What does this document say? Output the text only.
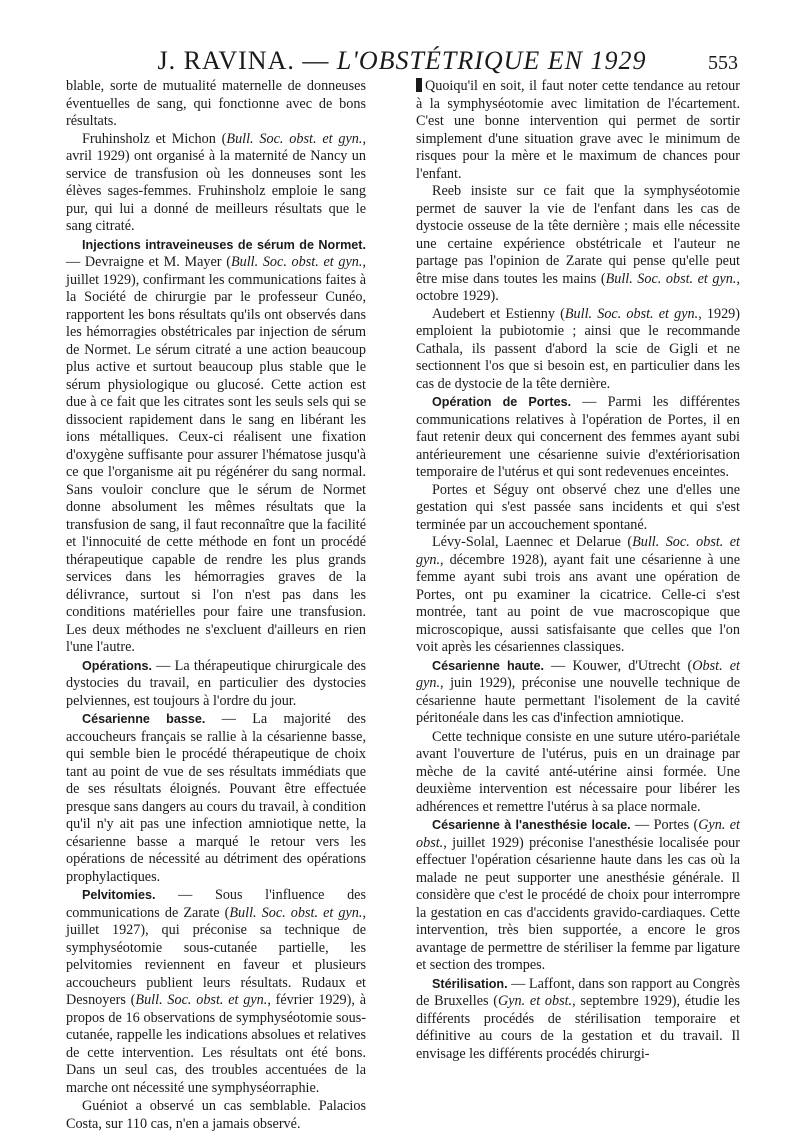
J. RAVINA. — L'OBSTÉTRIQUE EN 1929	553

blable, sorte de mutualité maternelle de donneuses éventuelles de sang, qui fonctionne avec de bons résultats.

Fruhinsholz et Michon (Bull. Soc. obst. et gyn., avril 1929) ont organisé à la maternité de Nancy un service de transfusion où les donneuses sont les élèves sages-femmes. Fruhinsholz emploie le sang pur, qui lui a donné de meilleurs résultats que le sang citraté.

Injections intraveineuses de sérum de Normet. — Devraigne et M. Mayer (Bull. Soc. obst. et gyn., juillet 1929), confirmant les communications faites à la Société de chirurgie par le professeur Cunéo, rapportent les bons résultats qu'ils ont observés dans les hémorragies obstétricales par injection de sérum de Normet. Le sérum citraté a une action beaucoup plus active et surtout beaucoup plus stable que le sérum physiologique ou glucosé. Cette action est due à ce fait que les citrates sont les seuls sels qui se dissocient rapidement dans le sang en libérant les ions métalliques. Ceux-ci réalisent une fixation d'oxygène suffisante pour assurer l'hématose jusqu'à ce que l'organisme ait pu régénérer du sang normal. Sans vouloir conclure que le sérum de Normet donne absolument les mêmes résultats que la transfusion de sang, il faut reconnaître que la facilité et l'innocuité de cette méthode en font un procédé thérapeutique capable de rendre les plus grands services dans les hémorragies graves de la délivrance, surtout si l'on n'est pas dans les conditions matérielles pour faire une transfusion. Les deux méthodes ne s'excluent d'ailleurs en rien l'une l'autre.

Opérations. — La thérapeutique chirurgicale des dystocies du travail, en particulier des dystocies pelviennes, est toujours à l'ordre du jour.

Césarienne basse. — La majorité des accoucheurs français se rallie à la césarienne basse, qui semble bien le procédé thérapeutique de choix tant au point de vue de ses résultats immédiats que de ses résultats éloignés. Pouvant être effectuée presque sans dangers au cours du travail, à condition qu'il n'y ait pas une infection amniotique nette, la césarienne basse a marqué le retour vers les opérations de nécessité au détriment des opérations prophylactiques.

Pelvitomies. — Sous l'influence des communications de Zarate (Bull. Soc. obst. et gyn., juillet 1927), qui préconise sa technique de symphyséotomie sous-cutanée partielle, les pelvitomies reviennent en faveur et plusieurs accoucheurs publient leurs résultats. Rudaux et Desnoyers (Bull. Soc. obst. et gyn., février 1929), à propos de 16 observations de symphyséotomie sous-cutanée, rappelle les indications absolues et relatives de cette intervention. Les résultats ont été bons. Dans un seul cas, des troubles accentuées de la marche ont nécessité une symphyséorraphie.

Guéniot a observé un cas semblable. Palacios Costa, sur 110 cas, n'en a jamais observé.

Quoiqu'il en soit, il faut noter cette tendance au retour à la symphyséotomie avec limitation de l'écartement. C'est une bonne intervention qui permet de sortir simplement d'une situation grave avec le minimum de risques pour la mère et le maximum de chances pour l'enfant.

Reeb insiste sur ce fait que la symphyséotomie permet de sauver la vie de l'enfant dans les cas de dystocie osseuse de la tête dernière ; mais elle nécessite une certaine expérience obstétricale et l'auteur ne partage pas l'opinion de Zarate qui pense qu'elle peut être mise dans toutes les mains (Bull. Soc. obst. et gyn., octobre 1929).

Audebert et Estienny (Bull. Soc. obst. et gyn., 1929) emploient la pubiotomie ; ainsi que le recommande Cathala, ils passent d'abord la scie de Gigli et ne sectionnent l'os que si besoin est, en particulier dans les cas de dystocie de la tête dernière.

Opération de Portes. — Parmi les différentes communications relatives à l'opération de Portes, il en faut retenir deux qui concernent des femmes ayant subi antérieurement une césarienne suivie d'extériorisation temporaire de l'utérus et qui sont redevenues enceintes.

Portes et Séguy ont observé chez une d'elles une gestation qui s'est passée sans incidents et qui s'est terminée par un accouchement spontané.

Lévy-Solal, Laennec et Delarue (Bull. Soc. obst. et gyn., décembre 1928), ayant fait une césarienne à une femme ayant subi trois ans avant une opération de Portes, ont pu examiner la cicatrice. Celle-ci s'est montrée, tant au point de vue macroscopique que microscopique, aussi satisfaisante que celles que l'on voit après les césariennes classiques.

Césarienne haute. — Kouwer, d'Utrecht (Obst. et gyn., juin 1929), préconise une nouvelle technique de césarienne haute permettant l'isolement de la cavité péritonéale dans les cas d'infection amniotique.

Cette technique consiste en une suture utéro-pariétale avant l'ouverture de l'utérus, puis en un drainage par mèche de la cavité anté-utérine ainsi formée. Une deuxième intervention est nécessaire pour libérer les adhérences et remettre l'utérus à sa place normale.

Césarienne à l'anesthésie locale. — Portes (Gyn. et obst., juillet 1929) préconise l'anesthésie localisée pour effectuer l'opération césarienne haute dans les cas où la malade ne peut supporter une anesthésie générale. Il considère que c'est le procédé de choix pour interrompre la gestation en cas d'accidents gravido-cardiaques. Cette intervention, très bien supportée, a encore le gros avantage de permettre de stériliser la femme par ligature et section des trompes.

Stérilisation. — Laffont, dans son rapport au Congrès de Bruxelles (Gyn. et obst., septembre 1929), étudie les différents procédés de stérilisation temporaire et définitive au cours de la gestation et du travail. Il envisage les différents procédés chirurgi-
